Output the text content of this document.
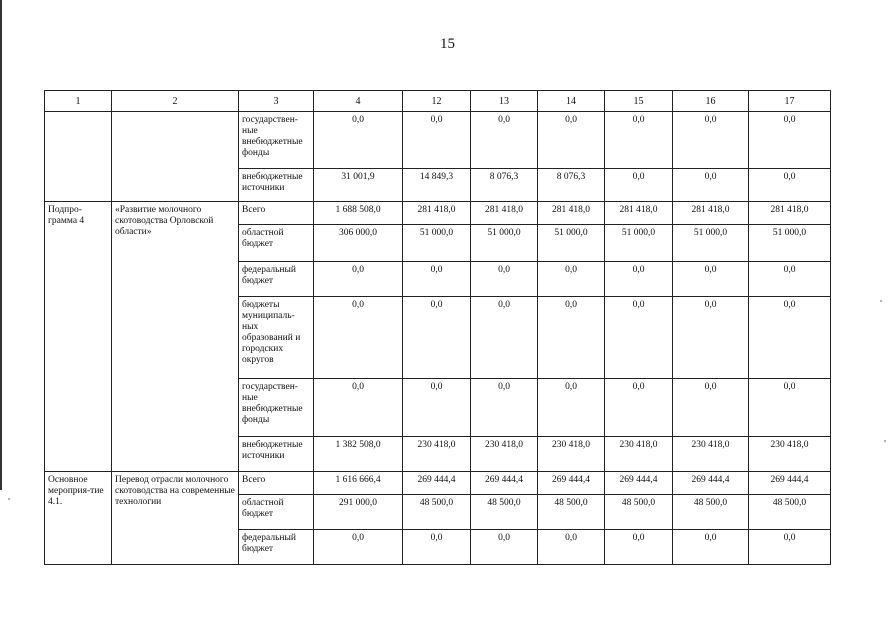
15
1	2	3	4	12	13	14	15	16	17
		государствен-ные внебюджетные фонды	0,0	0,0	0,0	0,0	0,0	0,0	0,0
		внебюджетные источники	31 001,9	14 849,3	8 076,3	8 076,3	0,0	0,0	0,0
Подпро-грамма 4	«Развитие молочного скотоводства Орловской области»	Всего	1 688 508,0	281 418,0	281 418,0	281 418,0	281 418,0	281 418,0	281 418,0
		областной бюджет	306 000,0	51 000,0	51 000,0	51 000,0	51 000,0	51 000,0	51 000,0
		федеральный бюджет	0,0	0,0	0,0	0,0	0,0	0,0	0,0
		бюджеты муниципаль-ных образований и городских округов	0,0	0,0	0,0	0,0	0,0	0,0	0,0
		государствен-ные внебюджетные фонды	0,0	0,0	0,0	0,0	0,0	0,0	0,0
		внебюджетные источники	1 382 508,0	230 418,0	230 418,0	230 418,0	230 418,0	230 418,0	230 418,0
Основное мероприя-тие 4.1.	Перевод отрасли молочного скотоводства на современные технологии	Всего	1 616 666,4	269 444,4	269 444,4	269 444,4	269 444,4	269 444,4	269 444,4
		областной бюджет	291 000,0	48 500,0	48 500,0	48 500,0	48 500,0	48 500,0	48 500,0
		федеральный бюджет	0,0	0,0	0,0	0,0	0,0	0,0	0,0
